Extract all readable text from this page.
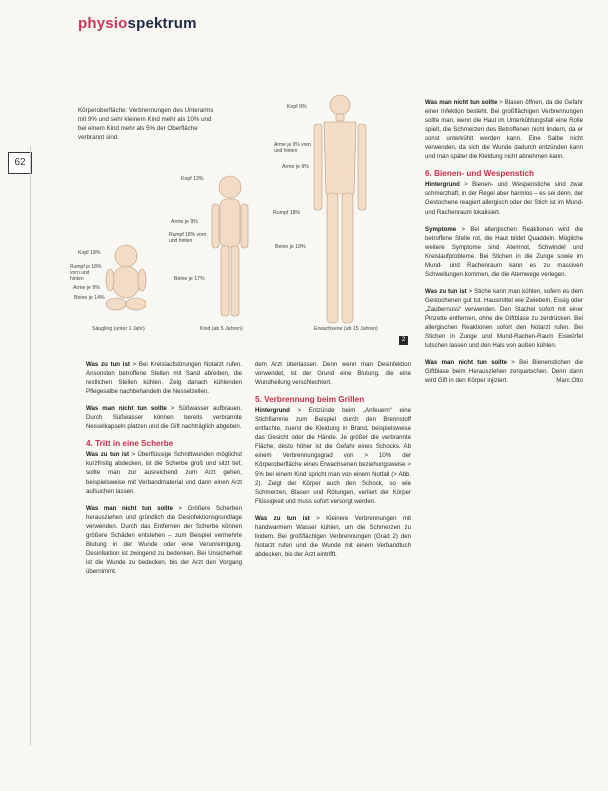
physiospektrum
62
Körperoberfläche: Verbrennungen des Unterarms mit 9% und sehr kleinem Kind mehr als 10% und bei einem Kind mehr als 5% der Oberfläche verbrannt sind.
Kopf 9%
Arme je 9% vorn und hinten
Arme je 9%
Rumpf 18%
Beine je 18%
Kopf 13%
Arme je 9%
Rumpf 18% vorn und hinten
Beine je 17%
Kopf 18%
Rumpf je 18% vorn und hinten
Arme je 9%
Beine je 14%
Säugling (unter 1 Jahr)	Kind (ab 5 Jahren)	Erwachsene (ab 15 Jahren)
2

Was zu tun ist > Bei Kreislaufstörungen Notarzt rufen. Ansonsten betroffene Stellen mit Sand abreiben, die restlichen Stellen kühlen. Zeig danach kühlenden Pflegesalbe nachbehandeln die Nesselzellen.

Was man nicht tun sollte > Süßwasser aufbrauen. Durch Süßwasser können bereits verbrannte Nesselkapseln platzen und die Gift nachträglich abgeben.

4. Tritt in eine Scherbe

Was zu tun ist > Überflüssige Schnittwunden möglichst kurzfristig abdecken, ist die Scherbe groß und sitzt tief, sollte man zur ausreichend zum Arzt gehen, beispielsweise mit Verbandmaterial und dann einen Arzt aufsuchen lassen.

Was man nicht tun sollte > Größere Scherben herausziehen und gründlich die Desinfektionsgrundlage verwenden. Durch das Entfernen der Scherbe können größere Schäden entstehen – zum Beispiel vermehrte Blutung in der Wunde oder eine Verunreinigung. Desinfektion ist zwingend zu bedenken. Bei Unsicherheit ist die Wunde zu bedecken, bis der Arzt den Vorgang übernimmt.

dem Arzt überlassen. Denn wenn man Desinfektion verwendet, ist der Grund eine Blutung, die eine Wundheilung verschlechtert.

5. Verbrennung beim Grillen

Hintergrund > Entzünde beim „Anfeuern“ eine Stichflamme zum Beispiel durch den Brennstoff entfachte, zuerst die Kleidung in Brand, beispielsweise das Gesicht oder die Hände. Je größer die verbrannte Fläche, desto höher ist die Gefahr eines Schocks. Ab einem Verbrennungsgrad von > 10% der Körperoberfläche eines Erwachsenen beziehungsweise > 5% bei einem Kind spricht man von einem Notfall (> Abb. 2). Zeigt der Körper auch den Schock, so wie Schmerzen, Blasen und Rötungen, verliert der Körper Flüssigkeit und muss sofort versorgt werden.

Was zu tun ist > Kleinere Verbrennungen mit handwarmem Wasser kühlen, um die Schmerzen zu lindern. Bei großflächigen Verbrennungen (Grad 2) den Notarzt rufen und die Wunde mit einem Verbandtuch abdecken, bis der Arzt eintrifft.

Was man nicht tun sollte > Blasen öffnen, da die Gefahr einer Infektion besteht. Bei großflächigen Verbrennungen sollte man, wenn die Haut im Unterkühlungsfall eine Rolle spielt, die Schmerzen des Betroffenen nicht lindern, da er sonst unterkühlt werden kann. Eine Salbe nicht verwenden, da sich die Wunde dadurch entzünden kann und man später die Kleidung nicht abnehmen kann.

6. Bienen- und Wespenstich

Hintergrund > Bienen- und Wespenstiche sind zwar schmerzhaft, in der Regel aber harmlos – es sei denn, der Gestochene reagiert allergisch oder der Stich ist im Mund- und Rachenraum lokalisiert.

Symptome > Bei allergischen Reaktionen wird die betroffene Stelle rot, die Haut bildet Quaddeln. Mögliche weitere Symptome sind Atemnot, Schwindel und Kreislaufprobleme. Bei Stichen in die Zunge sowie im Mund- und Rachenraum kann es zu massiven Schwellungen kommen, die die Atemwege verlegen.

Was zu tun ist > Stiche kann man kühlen, sofern es dem Gestochenen gut tut. Hausmittel wie Zwiebeln, Essig oder „Zaubernuss“ verwenden. Den Stachel sofort mit einer Pinzette entfernen, ohne die Giftblase zu zerdrücken. Bei allergischen Reaktionen sofort den Notarzt rufen. Bei Stichen in Zunge und Mund-Rachen-Raum Eiswürfel lutschen lassen und den Hals von außen kühlen.

Was man nicht tun sollte > Bei Bienenstichen die Giftblase beim Herausziehen zerquetschen. Denn dann wird Gift in den Körper injiziert.	Marc Otto
